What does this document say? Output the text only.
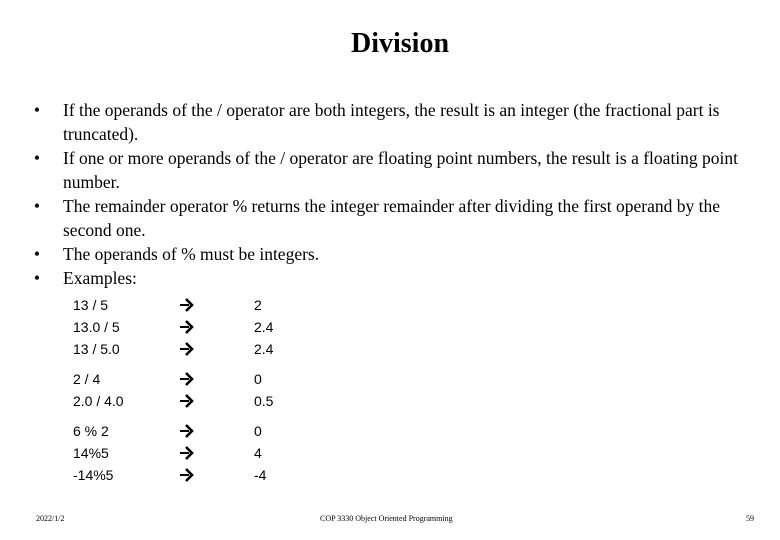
Division
• If the operands of the / operator are both integers, the result is an integer (the fractional part is truncated).
• If one or more operands of the / operator are floating point numbers, the result is a floating point number.
• The remainder operator % returns the integer remainder after dividing the first operand by the second one.
• The operands of % must be integers.
• Examples:
13 / 5	2
13.0 / 5	2.4
13 / 5.0	2.4
2 / 4	0
2.0 / 4.0	0.5
6 % 2	0
14%5	4
-14%5	-4
2022/1/2	COP 3330 Object Oriented Programming	59
